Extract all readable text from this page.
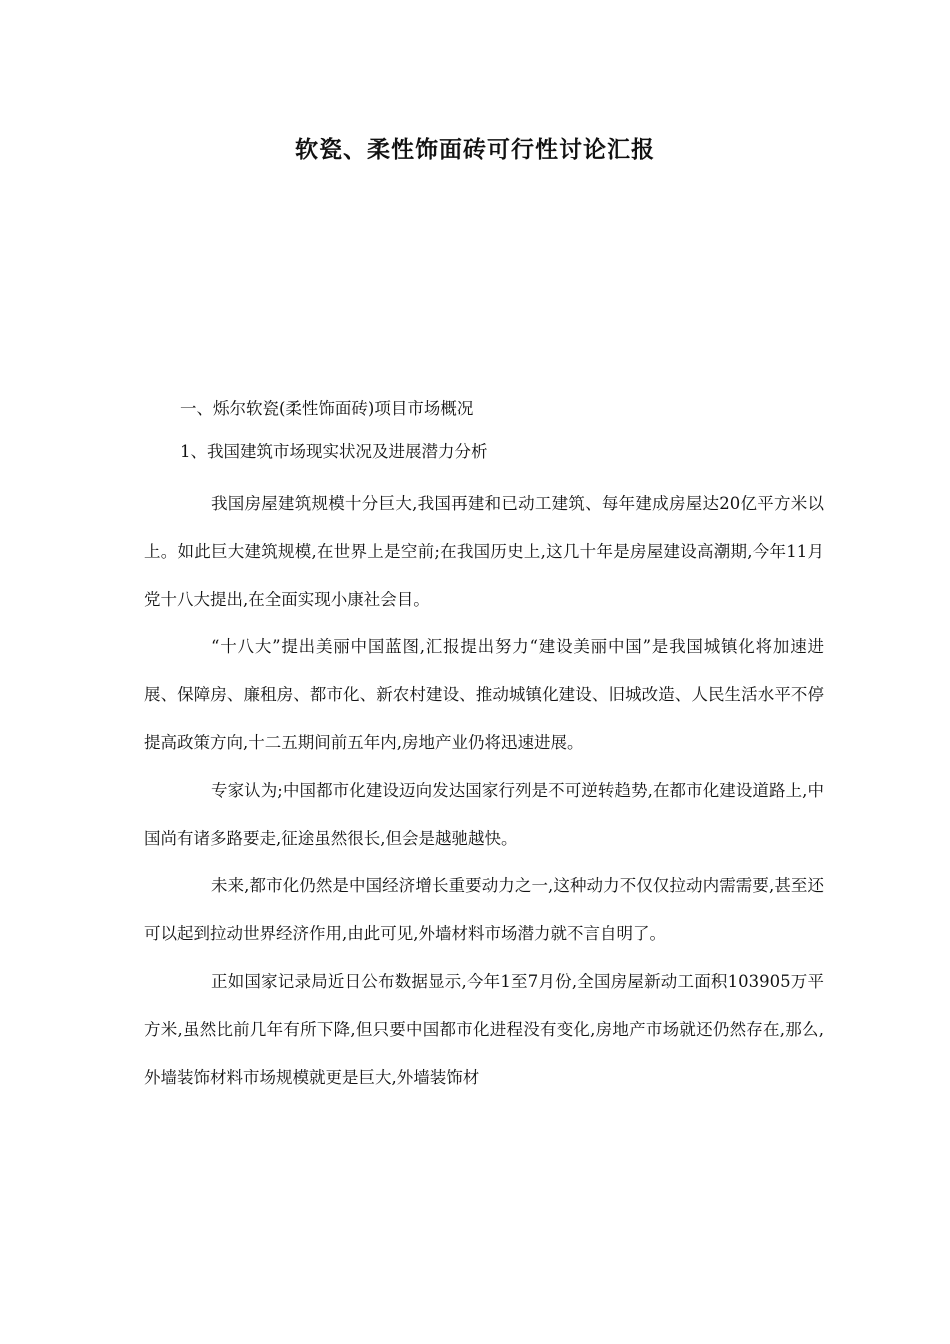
软瓷、柔性饰面砖可行性讨论汇报
一、烁尔软瓷(柔性饰面砖)项目市场概况
1、我国建筑市场现实状况及进展潜力分析

我国房屋建筑规模十分巨大,我国再建和已动工建筑、每年建成房屋达20亿平方米以上。如此巨大建筑规模,在世界上是空前;在我国历史上,这几十年是房屋建设高潮期,今年11月党十八大提出,在全面实现小康社会目。

“十八大”提出美丽中国蓝图,汇报提出努力“建设美丽中国”是我国城镇化将加速进展、保障房、廉租房、都市化、新农村建设、推动城镇化建设、旧城改造、人民生活水平不停提高政策方向,十二五期间前五年内,房地产业仍将迅速进展。

专家认为;中国都市化建设迈向发达国家行列是不可逆转趋势,在都市化建设道路上,中国尚有诸多路要走,征途虽然很长,但会是越驰越快。

未来,都市化仍然是中国经济增长重要动力之一,这种动力不仅仅拉动内需需要,甚至还可以起到拉动世界经济作用,由此可见,外墙材料市场潜力就不言自明了。

正如国家记录局近日公布数据显示,今年1至7月份,全国房屋新动工面积103905万平方米,虽然比前几年有所下降,但只要中国都市化进程没有变化,房地产市场就还仍然存在,那么,外墙装饰材料市场规模就更是巨大,外墙装饰材
